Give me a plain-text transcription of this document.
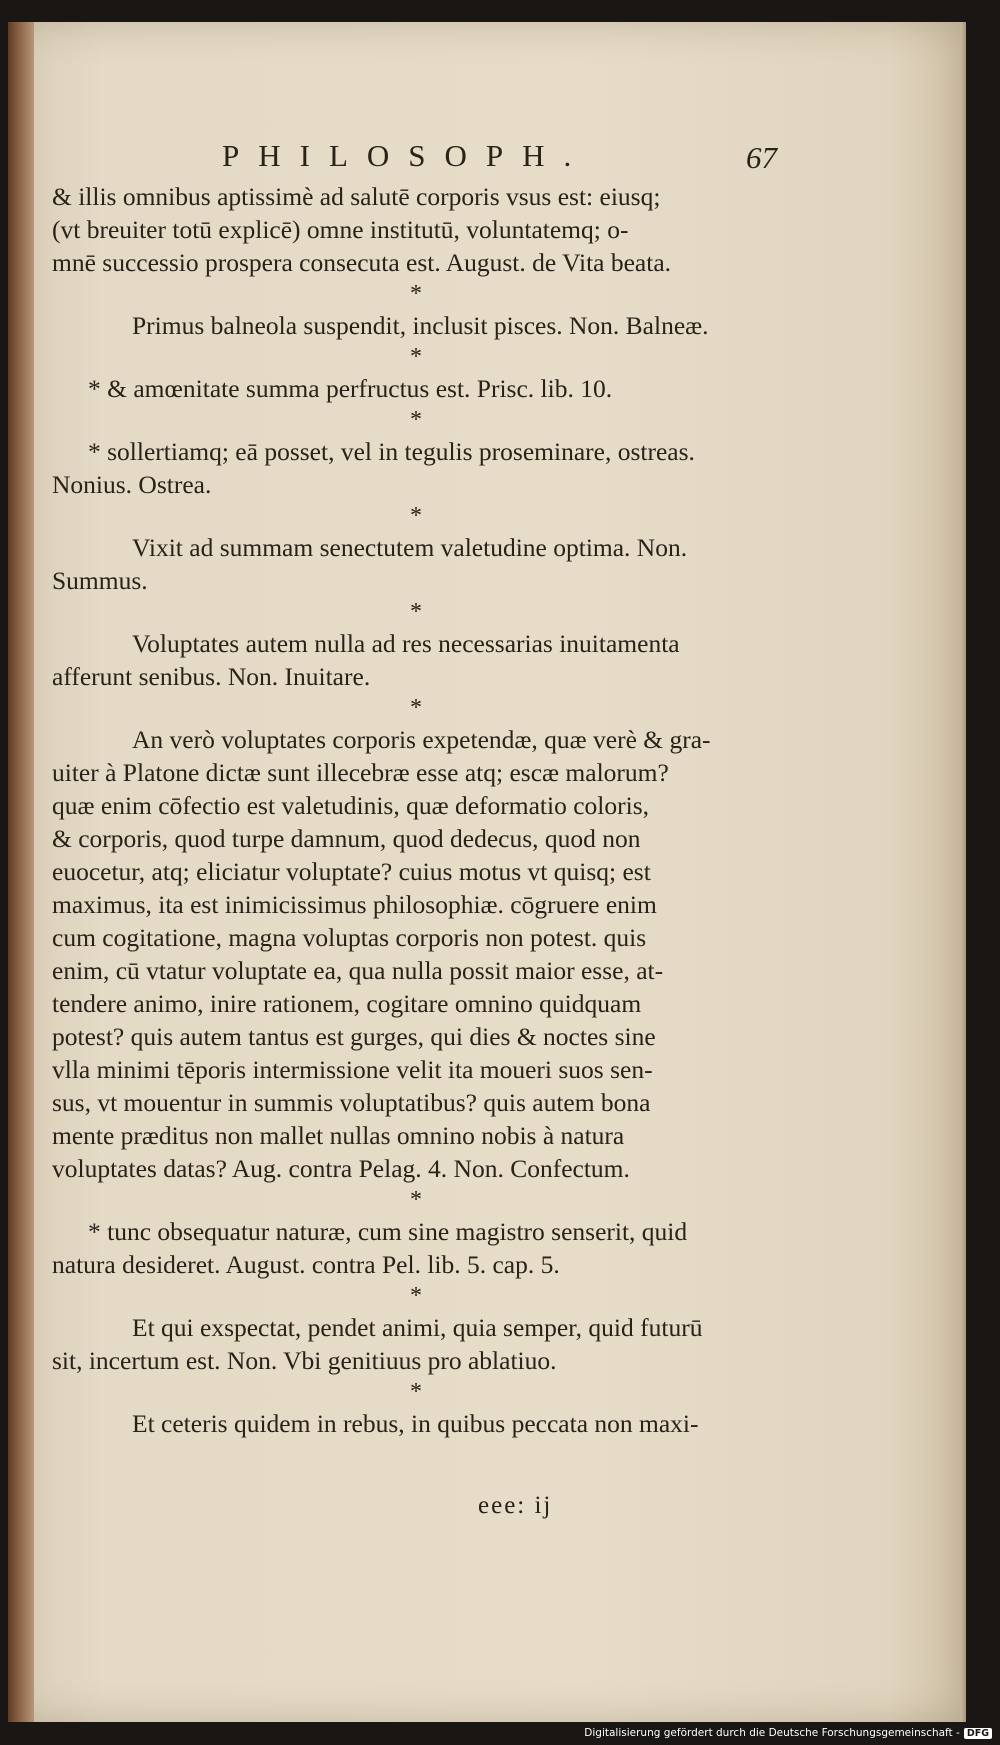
PHILOSOPH.	67
& illis omnibus aptissimè ad salutē corporis vsus est: eiusq;
(vt breuiter totū explicē) omne institutū, voluntatemq; o-
mnē successio prospera consecuta est. August. de Vita beata.
*
Primus balneola suspendit, inclusit pisces. Non. Balneæ.
*
* & amœnitate summa perfructus est. Prisc. lib. 10.
*
* sollertiamq; eā posset, vel in tegulis proseminare, ostreas.
Nonius. Ostrea.
*
Vixit ad summam senectutem valetudine optima. Non.
Summus.
*
Voluptates autem nulla ad res necessarias inuitamenta
afferunt senibus. Non. Inuitare.
*
An verò voluptates corporis expetendæ, quæ verè & gra-
uiter à Platone dictæ sunt illecebræ esse atq; escæ malorum?
quæ enim cōfectio est valetudinis, quæ deformatio coloris,
& corporis, quod turpe damnum, quod dedecus, quod non
euocetur, atq; eliciatur voluptate? cuius motus vt quisq; est
maximus, ita est inimicissimus philosophiæ. cōgruere enim
cum cogitatione, magna voluptas corporis non potest. quis
enim, cū vtatur voluptate ea, qua nulla possit maior esse, at-
tendere animo, inire rationem, cogitare omnino quidquam
potest? quis autem tantus est gurges, qui dies & noctes sine
vlla minimi tēporis intermissione velit ita moueri suos sen-
sus, vt mouentur in summis voluptatibus? quis autem bona
mente præditus non mallet nullas omnino nobis à natura
voluptates datas? Aug. contra Pelag. 4. Non. Confectum.
*
* tunc obsequatur naturæ, cum sine magistro senserit, quid
natura desideret. August. contra Pel. lib. 5. cap. 5.
*
Et qui exspectat, pendet animi, quia semper, quid futurū
sit, incertum est. Non. Vbi genitiuus pro ablatiuo.
*
Et ceteris quidem in rebus, in quibus peccata non maxi-
eee: ij
Digitalisierung gefördert durch die Deutsche Forschungsgemeinschaft - DFG
